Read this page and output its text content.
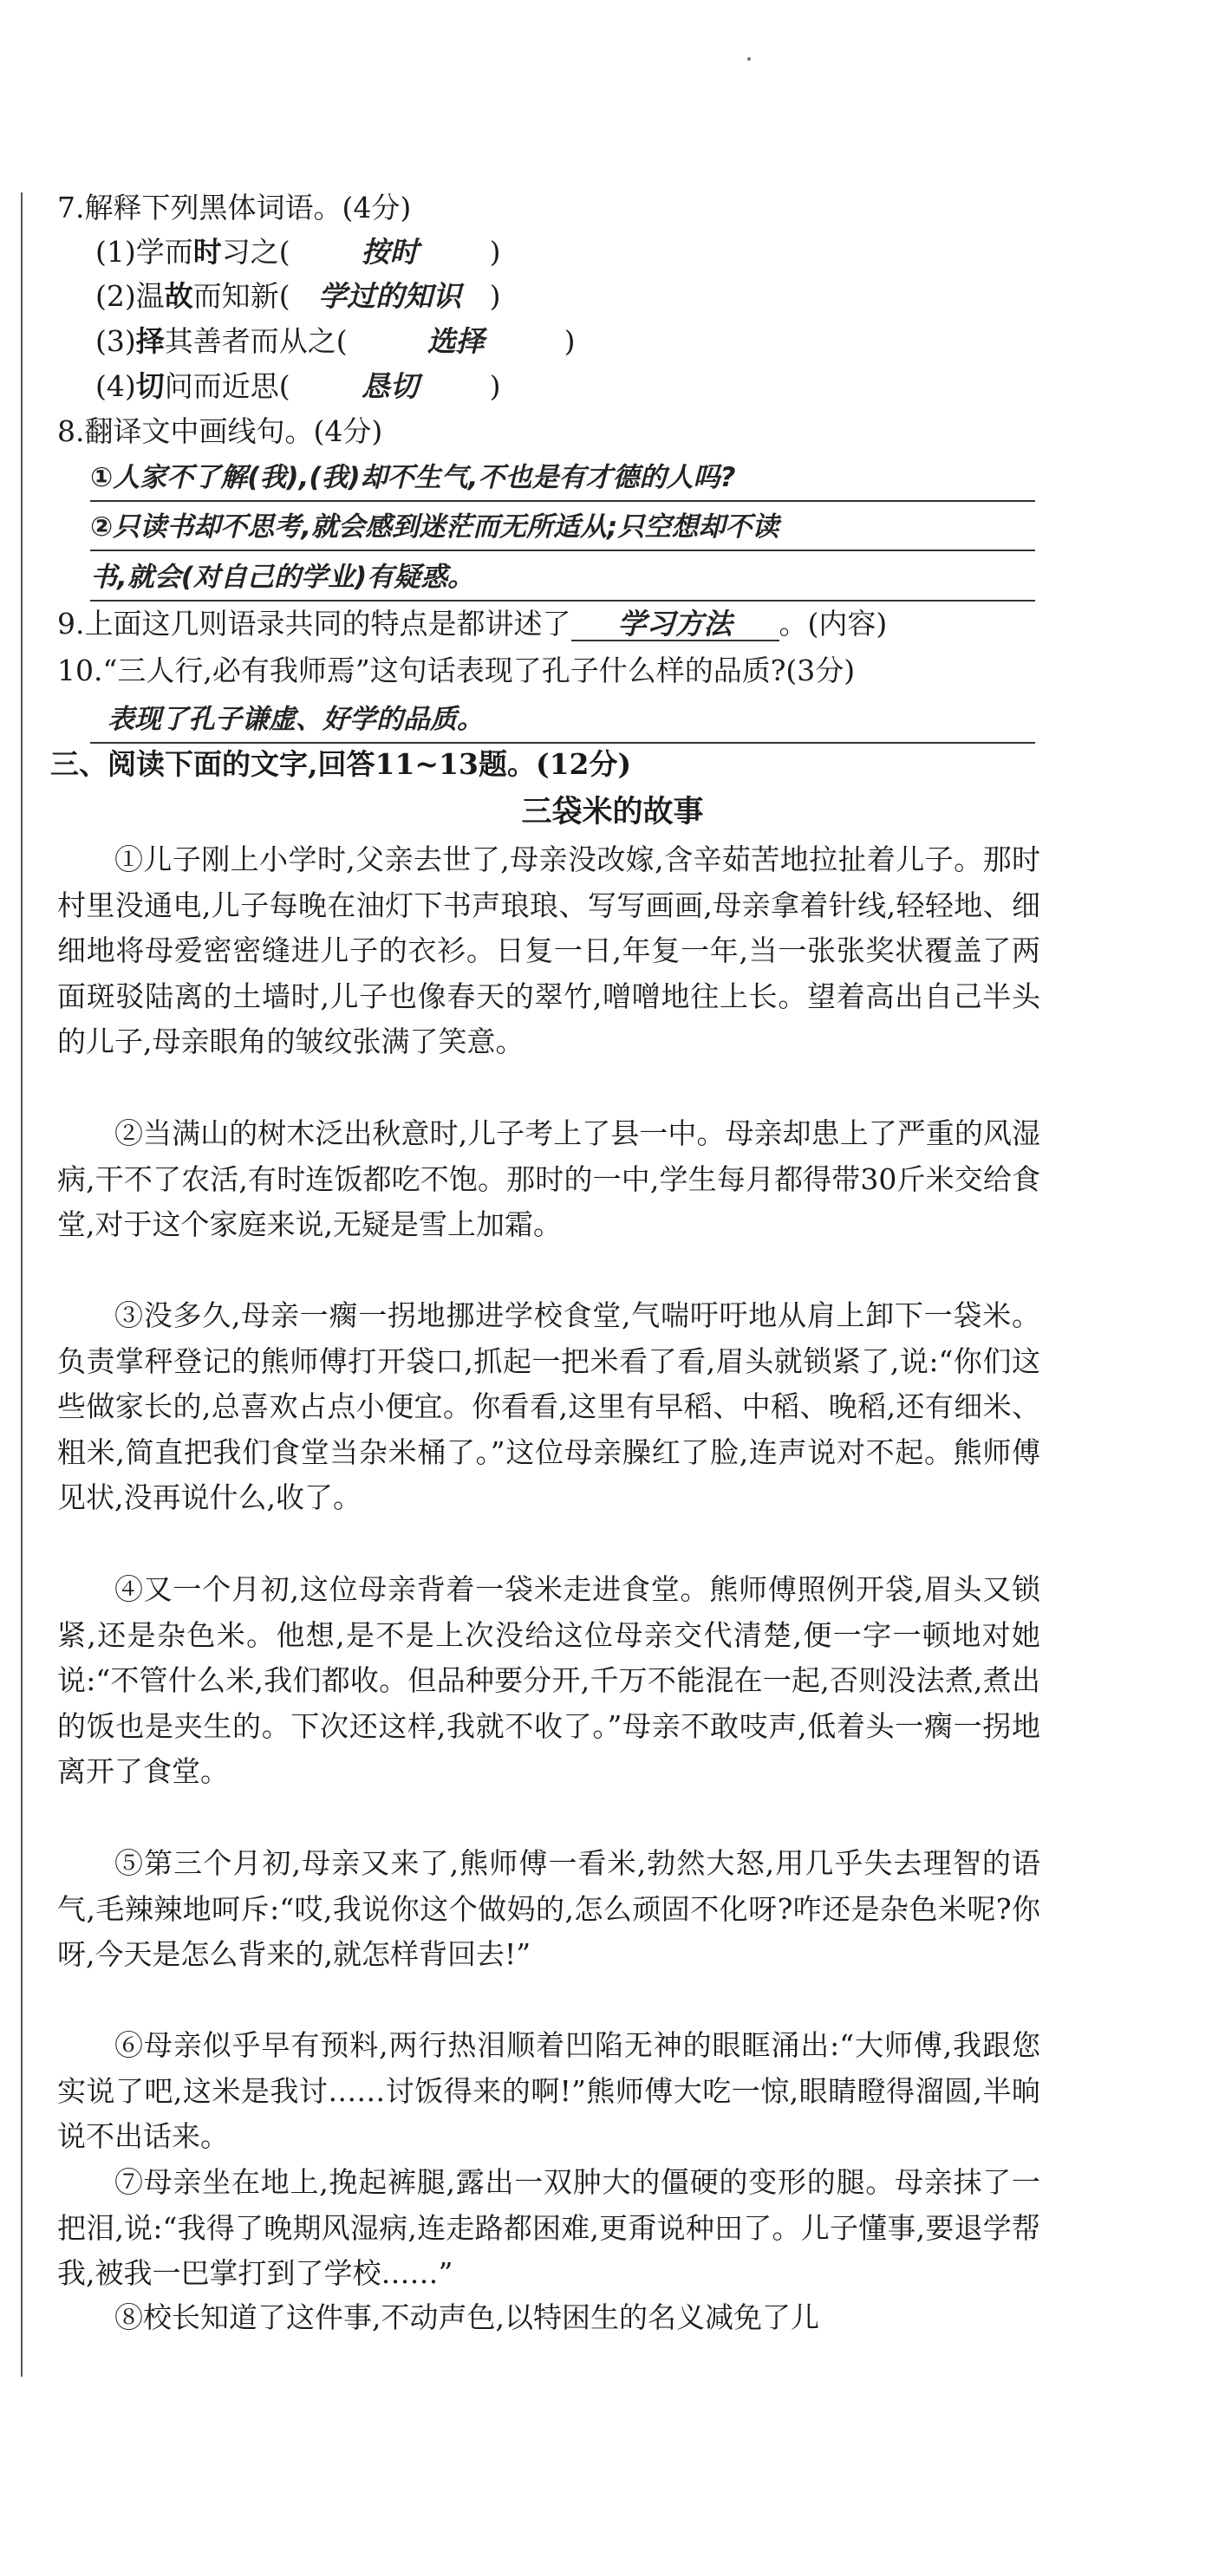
7.解释下列黑体词语。(4分)
(1)学而时习之( 按时 )
(2)温故而知新( 学过的知识 )
(3)择其善者而从之(	选择	)
(4)切问而近思( 恳切 )
8.翻译文中画线句。(4分)
①人家不了解(我),(我)却不生气,不也是有才德的人吗?
②只读书却不思考,就会感到迷茫而无所适从;只空想却不读
书,就会(对自己的学业)有疑惑。
9.上面这几则语录共同的特点是都讲述了 学习方法 。(内容)
10.“三人行,必有我师焉”这句话表现了孔子什么样的品质?(3分)
表现了孔子谦虚、好学的品质。
三、阅读下面的文字,回答11~13题。(12分)
三袋米的故事
①儿子刚上小学时,父亲去世了,母亲没改嫁,含辛茹苦地拉扯着儿子。那时村里没通电,儿子每晚在油灯下书声琅琅、写写画画,母亲拿着针线,轻轻地、细细地将母爱密密缝进儿子的衣衫。日复一日,年复一年,当一张张奖状覆盖了两面斑驳陆离的土墙时,儿子也像春天的翠竹,噌噌地往上长。望着高出自己半头的儿子,母亲眼角的皱纹张满了笑意。
②当满山的树木泛出秋意时,儿子考上了县一中。母亲却患上了严重的风湿病,干不了农活,有时连饭都吃不饱。那时的一中,学生每月都得带30斤米交给食堂,对于这个家庭来说,无疑是雪上加霜。
③没多久,母亲一瘸一拐地挪进学校食堂,气喘吁吁地从肩上卸下一袋米。负责掌秤登记的熊师傅打开袋口,抓起一把米看了看,眉头就锁紧了,说:“你们这些做家长的,总喜欢占点小便宜。你看看,这里有早稻、中稻、晚稻,还有细米、粗米,简直把我们食堂当杂米桶了。”这位母亲臊红了脸,连声说对不起。熊师傅见状,没再说什么,收了。
④又一个月初,这位母亲背着一袋米走进食堂。熊师傅照例开袋,眉头又锁紧,还是杂色米。他想,是不是上次没给这位母亲交代清楚,便一字一顿地对她说:“不管什么米,我们都收。但品种要分开,千万不能混在一起,否则没法煮,煮出的饭也是夹生的。下次还这样,我就不收了。”母亲不敢吱声,低着头一瘸一拐地离开了食堂。
⑤第三个月初,母亲又来了,熊师傅一看米,勃然大怒,用几乎失去理智的语气,毛辣辣地呵斥:“哎,我说你这个做妈的,怎么顽固不化呀?咋还是杂色米呢?你呀,今天是怎么背来的,就怎样背回去!”
⑥母亲似乎早有预料,两行热泪顺着凹陷无神的眼眶涌出:“大师傅,我跟您实说了吧,这米是我讨……讨饭得来的啊!”熊师傅大吃一惊,眼睛瞪得溜圆,半晌说不出话来。
⑦母亲坐在地上,挽起裤腿,露出一双肿大的僵硬的变形的腿。母亲抹了一把泪,说:“我得了晚期风湿病,连走路都困难,更甭说种田了。儿子懂事,要退学帮我,被我一巴掌打到了学校……”
⑧校长知道了这件事,不动声色,以特困生的名义减免了儿
